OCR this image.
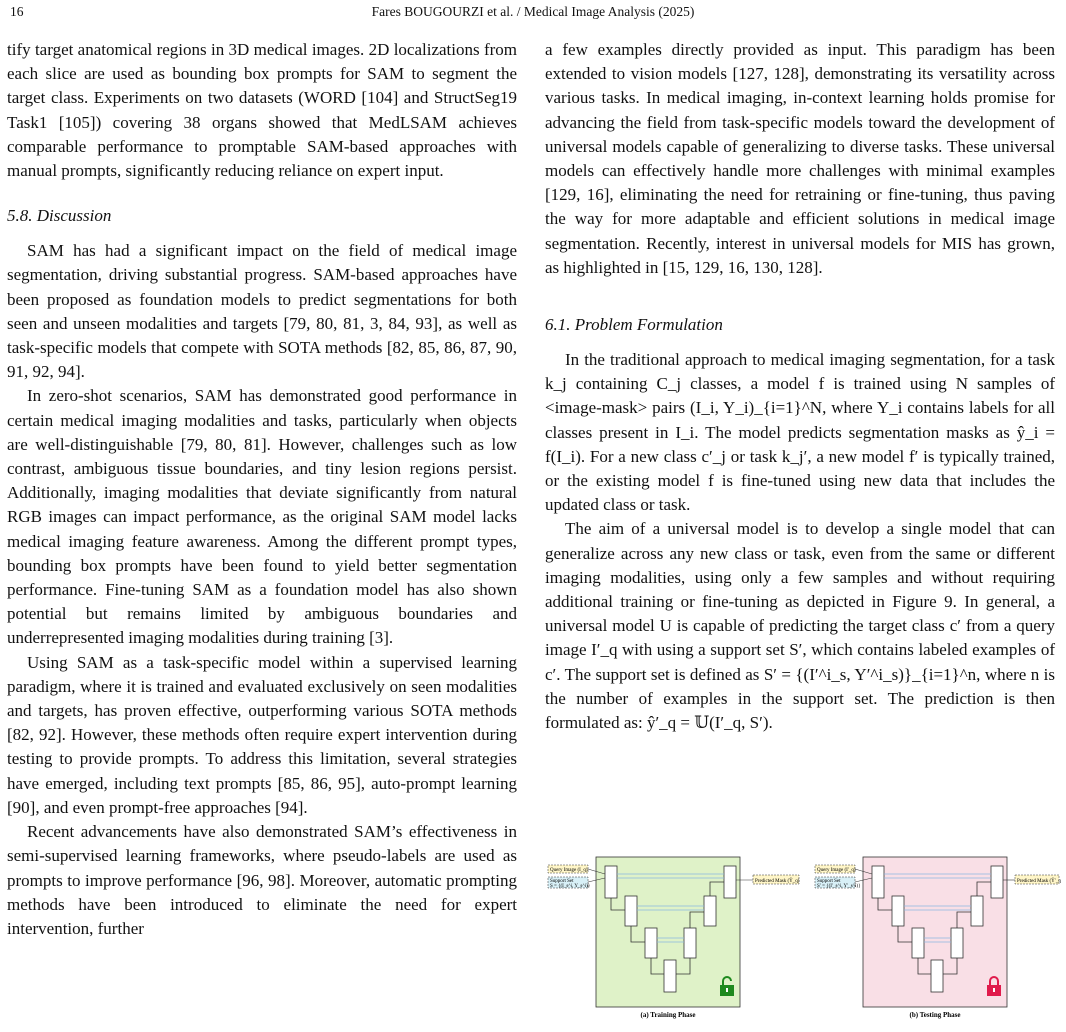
16	Fares BOUGOURZI et al. / Medical Image Analysis (2025)

tify target anatomical regions in 3D medical images. 2D localizations from each slice are used as bounding box prompts for SAM to segment the target class. Experiments on two datasets (WORD [104] and StructSeg19 Task1 [105]) covering 38 organs showed that MedLSAM achieves comparable performance to promptable SAM-based approaches with manual prompts, significantly reducing reliance on expert input.

5.8. Discussion

SAM has had a significant impact on the field of medical image segmentation, driving substantial progress. SAM-based approaches have been proposed as foundation models to predict segmentations for both seen and unseen modalities and targets [79, 80, 81, 3, 84, 93], as well as task-specific models that compete with SOTA methods [82, 85, 86, 87, 90, 91, 92, 94].

In zero-shot scenarios, SAM has demonstrated good performance in certain medical imaging modalities and tasks, particularly when objects are well-distinguishable [79, 80, 81]. However, challenges such as low contrast, ambiguous tissue boundaries, and tiny lesion regions persist. Additionally, imaging modalities that deviate significantly from natural RGB images can impact performance, as the original SAM model lacks medical imaging feature awareness. Among the different prompt types, bounding box prompts have been found to yield better segmentation performance. Fine-tuning SAM as a foundation model has also shown potential but remains limited by ambiguous boundaries and underrepresented imaging modalities during training [3].

Using SAM as a task-specific model within a supervised learning paradigm, where it is trained and evaluated exclusively on seen modalities and targets, has proven effective, outperforming various SOTA methods [82, 92]. However, these methods often require expert intervention during testing to provide prompts. To address this limitation, several strategies have emerged, including text prompts [85, 86, 95], auto-prompt learning [90], and even prompt-free approaches [94].

Recent advancements have also demonstrated SAM’s effectiveness in semi-supervised learning frameworks, where pseudo-labels are used as prompts to improve performance [96, 98]. Moreover, automatic prompting methods have been introduced to eliminate the need for expert intervention, further

a few examples directly provided as input. This paradigm has been extended to vision models [127, 128], demonstrating its versatility across various tasks. In medical imaging, in-context learning holds promise for advancing the field from task-specific models toward the development of universal models capable of generalizing to diverse tasks. These universal models can effectively handle more challenges with minimal examples [129, 16], eliminating the need for retraining or fine-tuning, thus paving the way for more adaptable and efficient solutions in medical image segmentation. Recently, interest in universal models for MIS has grown, as highlighted in [15, 129, 16, 130, 128].

6.1. Problem Formulation

In the traditional approach to medical imaging segmentation, for a task k_j containing C_j classes, a model f is trained using N samples of <image-mask> pairs (I_i, Y_i)_{i=1}^N, where Y_i contains labels for all classes present in I_i. The model predicts segmentation masks as ŷ_i = f(I_i). For a new class c′_j or task k_j′, a new model f′ is typically trained, or the existing model f is fine-tuned using new data that includes the updated class or task.

The aim of a universal model is to develop a single model that can generalize across any new class or task, even from the same or different imaging modalities, using only a few samples and without requiring additional training or fine-tuning as depicted in Figure 9. In general, a universal model U is capable of predicting the target class c′ from a query image I′_q with using a support set S′, which contains labeled examples of c′. The support set is defined as S′ = {(I′^i_s, Y′^i_s)}_{i=1}^n, where n is the number of examples in the support set. The prediction is then formulated as: ŷ′_q = 𝕌(I′_q, S′).

Query Image (I_q)
Support Set
S = {(I_s^i, Y_s^i)}
Predicted Mask (Ŷ_q)
(a) Training Phase
Query Image (I′_q)
Support Set
S′ = {(I′_s^i, Y′_s^i)}
Predicted Mask (Ŷ′_q)
(b) Testing Phase
